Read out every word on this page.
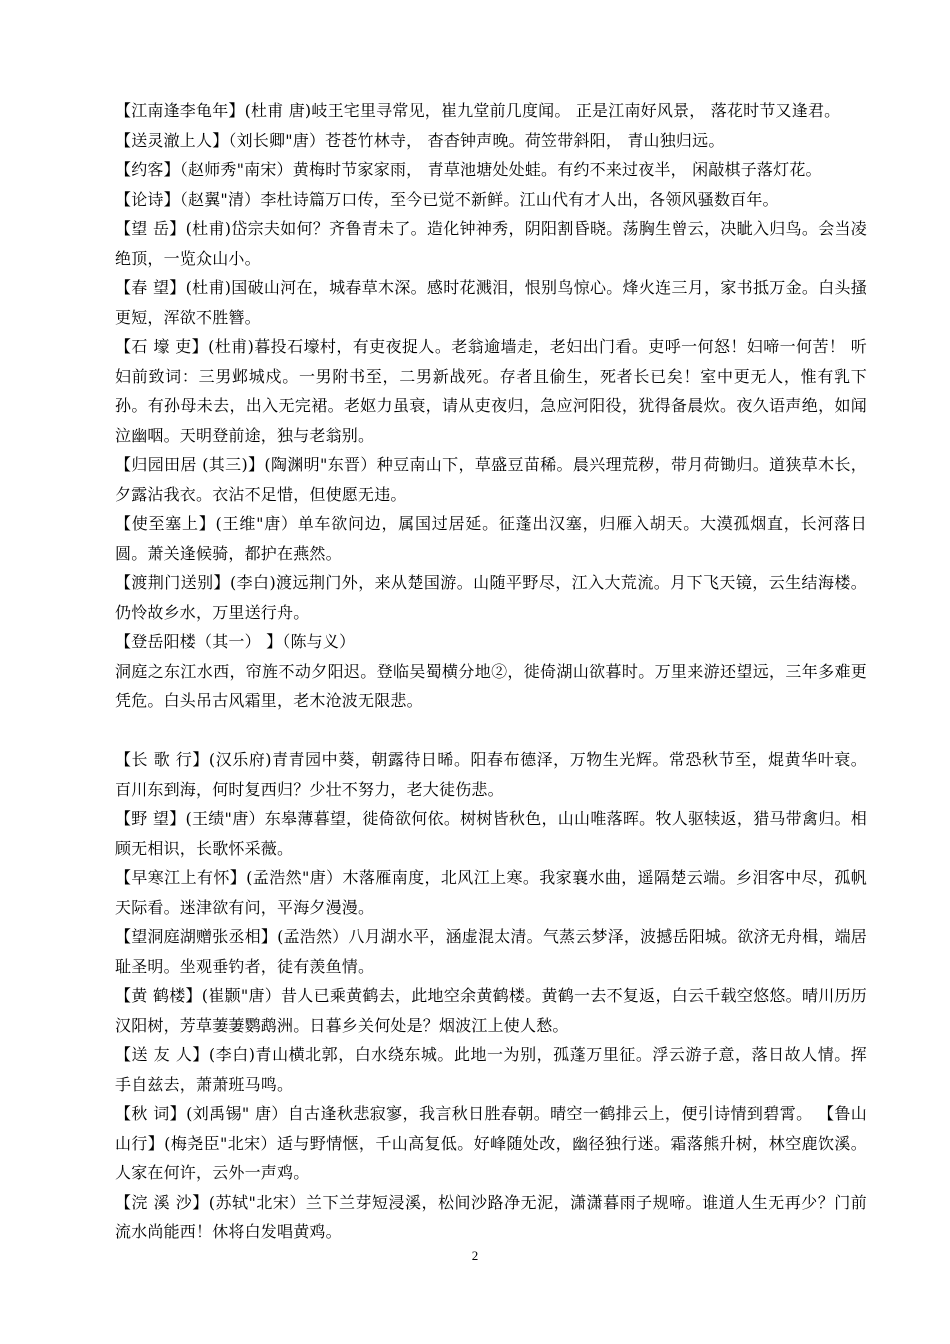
【江南逢李龟年】(杜甫 唐)岐王宅里寻常见，崔九堂前几度闻。 正是江南好风景， 落花时节又逢君。

【送灵澈上人】（刘长卿"唐）苍苍竹林寺， 杳杳钟声晚。荷笠带斜阳， 青山独归远。

【约客】（赵师秀"南宋）黄梅时节家家雨， 青草池塘处处蛙。有约不来过夜半， 闲敲棋子落灯花。

【论诗】（赵翼"清）李杜诗篇万口传，至今已觉不新鲜。江山代有才人出，各领风骚数百年。

【望 岳】(杜甫)岱宗夫如何？齐鲁青未了。造化钟神秀，阴阳割昏晓。荡胸生曾云，决眦入归鸟。会当凌绝顶，一览众山小。

【春 望】(杜甫)国破山河在，城春草木深。感时花溅泪，恨别鸟惊心。烽火连三月，家书抵万金。白头搔更短，浑欲不胜簪。

【石 壕 吏】(杜甫)暮投石壕村，有吏夜捉人。老翁逾墙走，老妇出门看。吏呼一何怒！妇啼一何苦！ 听妇前致词：三男邺城戍。一男附书至，二男新战死。存者且偷生，死者长已矣！室中更无人，惟有乳下孙。有孙母未去，出入无完裙。老妪力虽衰，请从吏夜归，急应河阳役，犹得备晨炊。夜久语声绝，如闻泣幽咽。天明登前途，独与老翁别。

【归园田居 (其三)】(陶渊明"东晋）种豆南山下，草盛豆苗稀。晨兴理荒秽，带月荷锄归。道狭草木长，夕露沾我衣。衣沾不足惜，但使愿无违。

【使至塞上】(王维"唐）单车欲问边，属国过居延。征蓬出汉塞，归雁入胡天。大漠孤烟直，长河落日圆。萧关逢候骑，都护在燕然。

【渡荆门送别】(李白)渡远荆门外，来从楚国游。山随平野尽，江入大荒流。月下飞天镜，云生结海楼。仍怜故乡水，万里送行舟。

【登岳阳楼（其一） 】（陈与义）

洞庭之东江水西，帘旌不动夕阳迟。登临吴蜀横分地②，徙倚湖山欲暮时。万里来游还望远，三年多难更凭危。白头吊古风霜里，老木沧波无限悲。

【长 歌 行】(汉乐府)青青园中葵，朝露待日晞。阳春布德泽，万物生光辉。常恐秋节至，焜黄华叶衰。百川东到海，何时复西归？少壮不努力，老大徒伤悲。

【野 望】(王绩"唐）东皋薄暮望，徙倚欲何依。树树皆秋色，山山唯落晖。牧人驱犊返，猎马带禽归。相顾无相识，长歌怀采薇。

【早寒江上有怀】(孟浩然"唐）木落雁南度，北风江上寒。我家襄水曲，遥隔楚云端。乡泪客中尽，孤帆天际看。迷津欲有问，平海夕漫漫。

【望洞庭湖赠张丞相】(孟浩然）八月湖水平，涵虚混太清。气蒸云梦泽，波撼岳阳城。欲济无舟楫，端居耻圣明。坐观垂钓者，徒有羡鱼情。

【黄 鹤楼】(崔颢"唐）昔人已乘黄鹤去，此地空余黄鹤楼。黄鹤一去不复返，白云千载空悠悠。晴川历历汉阳树，芳草萋萋鹦鹉洲。日暮乡关何处是？烟波江上使人愁。

【送 友 人】(李白)青山横北郭，白水绕东城。此地一为别，孤蓬万里征。浮云游子意，落日故人情。挥手自兹去，萧萧班马鸣。

【秋 词】(刘禹锡" 唐）自古逢秋悲寂寥，我言秋日胜春朝。晴空一鹤排云上，便引诗情到碧霄。 【鲁山山行】(梅尧臣"北宋）适与野情惬，千山高复低。好峰随处改，幽径独行迷。霜落熊升树，林空鹿饮溪。人家在何许，云外一声鸡。

【浣 溪 沙】(苏轼"北宋）兰下兰芽短浸溪，松间沙路净无泥，潇潇暮雨子规啼。谁道人生无再少？门前流水尚能西！休将白发唱黄鸡。

2
